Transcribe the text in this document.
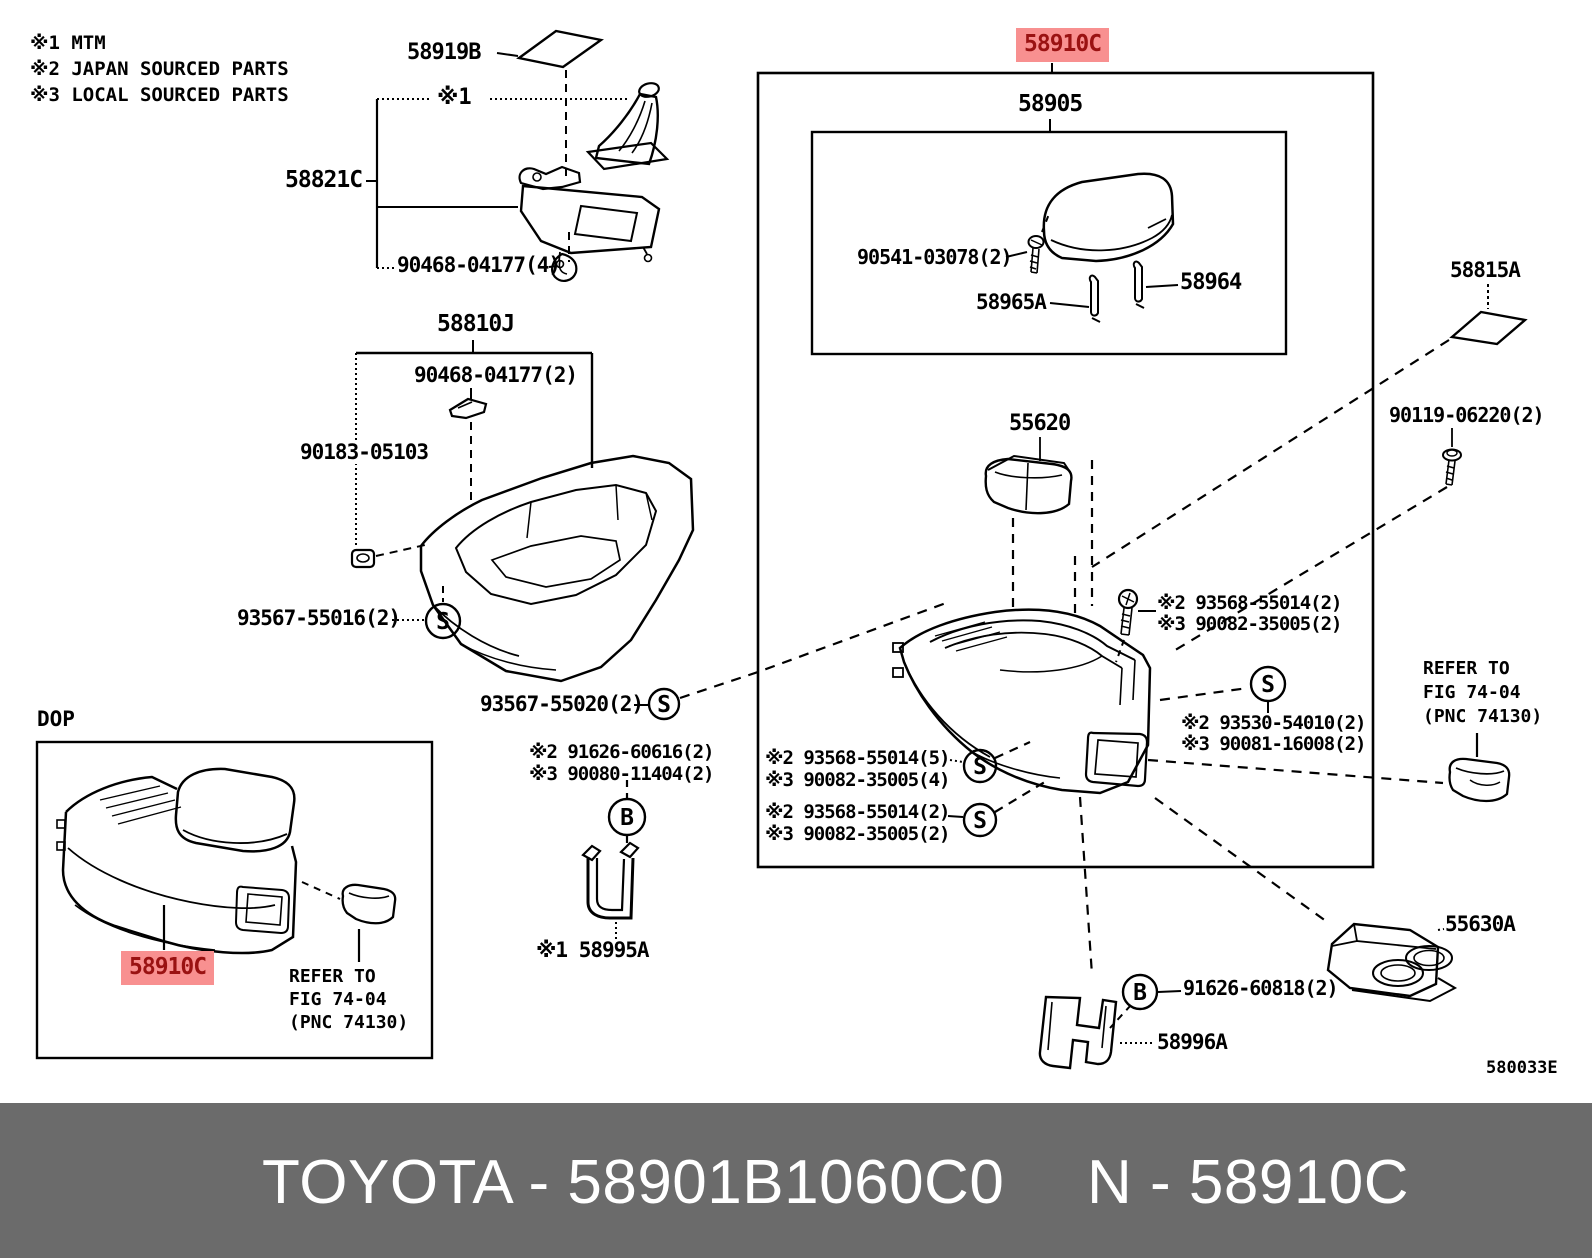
S
S
S
S
S
B
B
※1 MTM
※2 JAPAN SOURCED PARTS
※3 LOCAL SOURCED PARTS
58919B
※1
58821C
90468-04177(4)
58810J
90468-04177(2)
90183-05103
93567-55016(2)
93567-55020(2)
58910C
58905
90541-03078(2)
58965A
58964	58815A
90119-06220(2)
55620
※2 93568-55014(2)
※3 90082-35005(2)
※2 93530-54010(2)
※3 90081-16008(2)
REFER TO
FIG 74-04
(PNC 74130)
※2 93568-55014(5)
※3 90082-35005(4)
※2 93568-55014(2)
※3 90082-35005(2)
※2 91626-60616(2)
※3 90080-11404(2)
※1 58995A
55630A
91626-60818(2)
58996A
DOP
58910C	REFER TO
FIG 74-04
(PNC 74130)
580033E
TOYOTA - 58901B1060C0 N - 58910C
